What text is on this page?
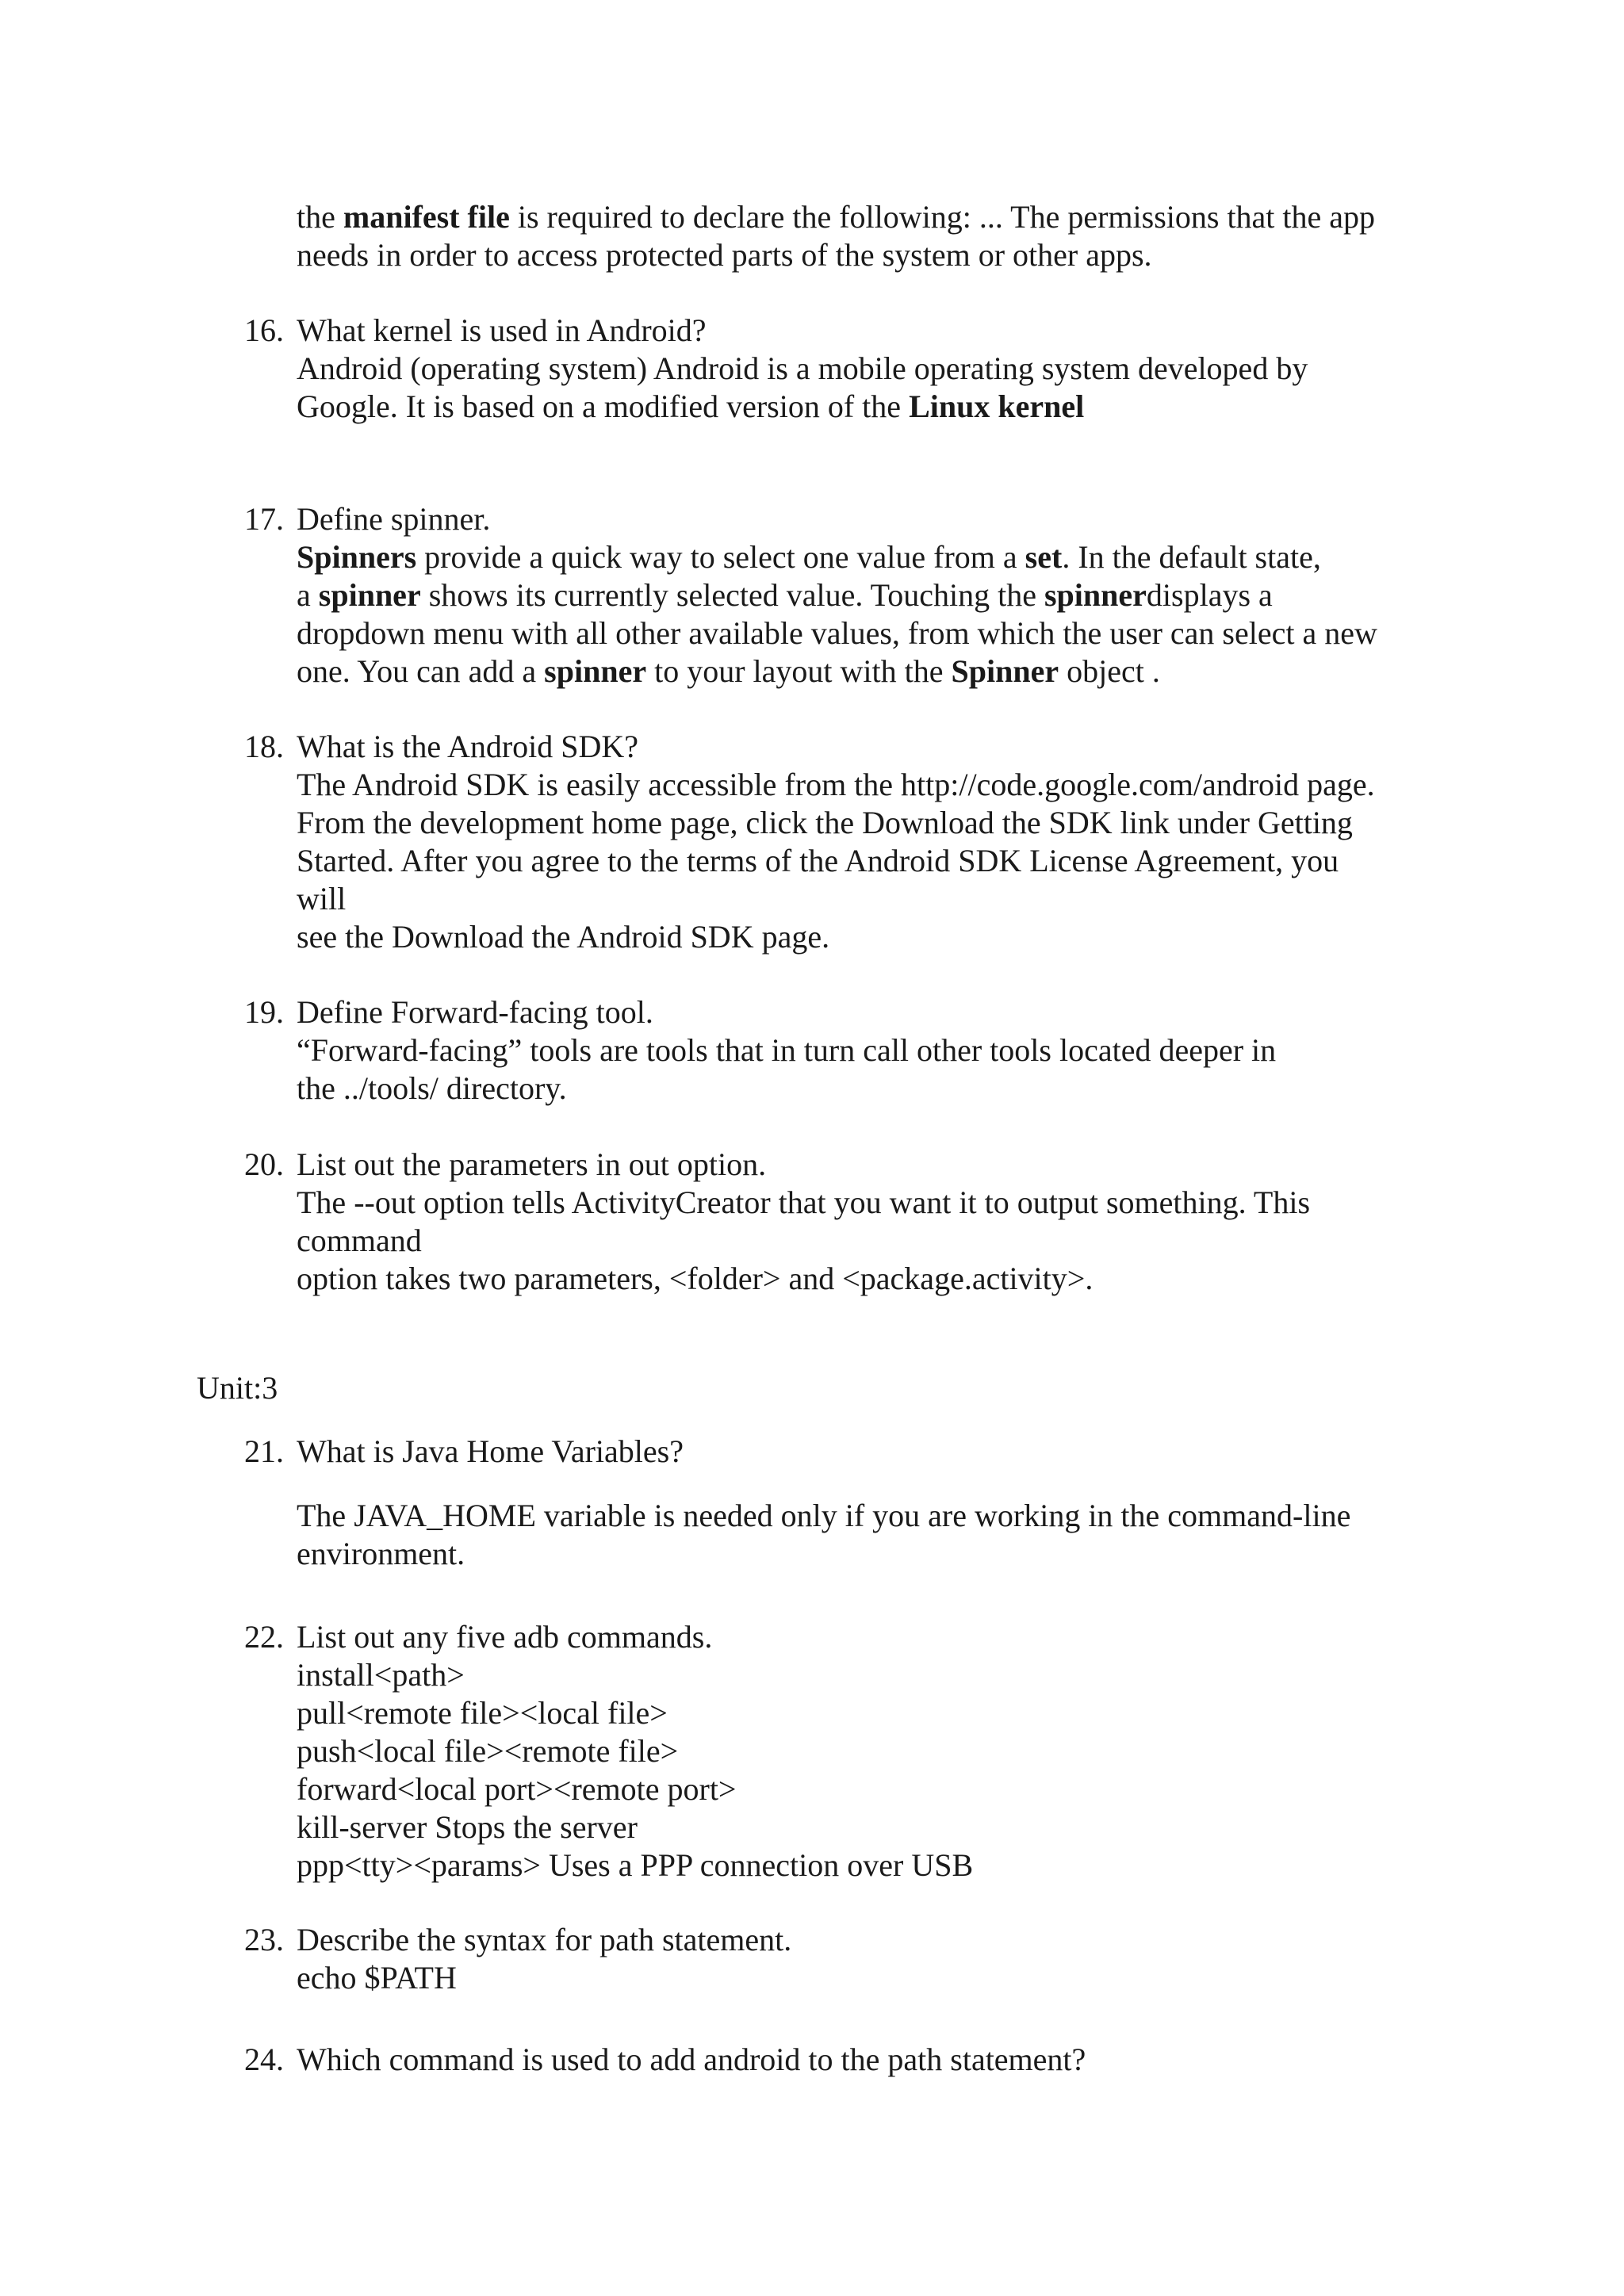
the manifest file is required to declare the following: ... The permissions that the app

needs in order to access protected parts of the system or other apps.

16. What kernel is used in Android?

Android (operating system) Android is a mobile operating system developed by

Google. It is based on a modified version of the Linux kernel

17. Define spinner.

Spinners provide a quick way to select one value from a set. In the default state,

a spinner shows its currently selected value. Touching the spinnerdisplays a

dropdown menu with all other available values, from which the user can select a new

one. You can add a spinner to your layout with the Spinner object .

18. What is the Android SDK?

The Android SDK is easily accessible from the http://code.google.com/android page.

From the development home page, click the Download the SDK link under Getting

Started. After you agree to the terms of the Android SDK License Agreement, you

will

see the Download the Android SDK page.

19. Define Forward-facing tool.

“Forward-facing” tools are tools that in turn call other tools located deeper in

the ../tools/ directory.

20. List out the parameters in out option.

The --out option tells ActivityCreator that you want it to output something. This

command

option takes two parameters, <folder> and <package.activity>.

Unit:3
21. What is Java Home Variables?

The JAVA_HOME variable is needed only if you are working in the command-line

environment.

22. List out any five adb commands.

install<path>

pull<remote file><local file>

push<local file><remote file>

forward<local port><remote port>

kill-server Stops the server

ppp<tty><params> Uses a PPP connection over USB

23. Describe the syntax for path statement.

echo $PATH

24. Which command is used to add android to the path statement?
